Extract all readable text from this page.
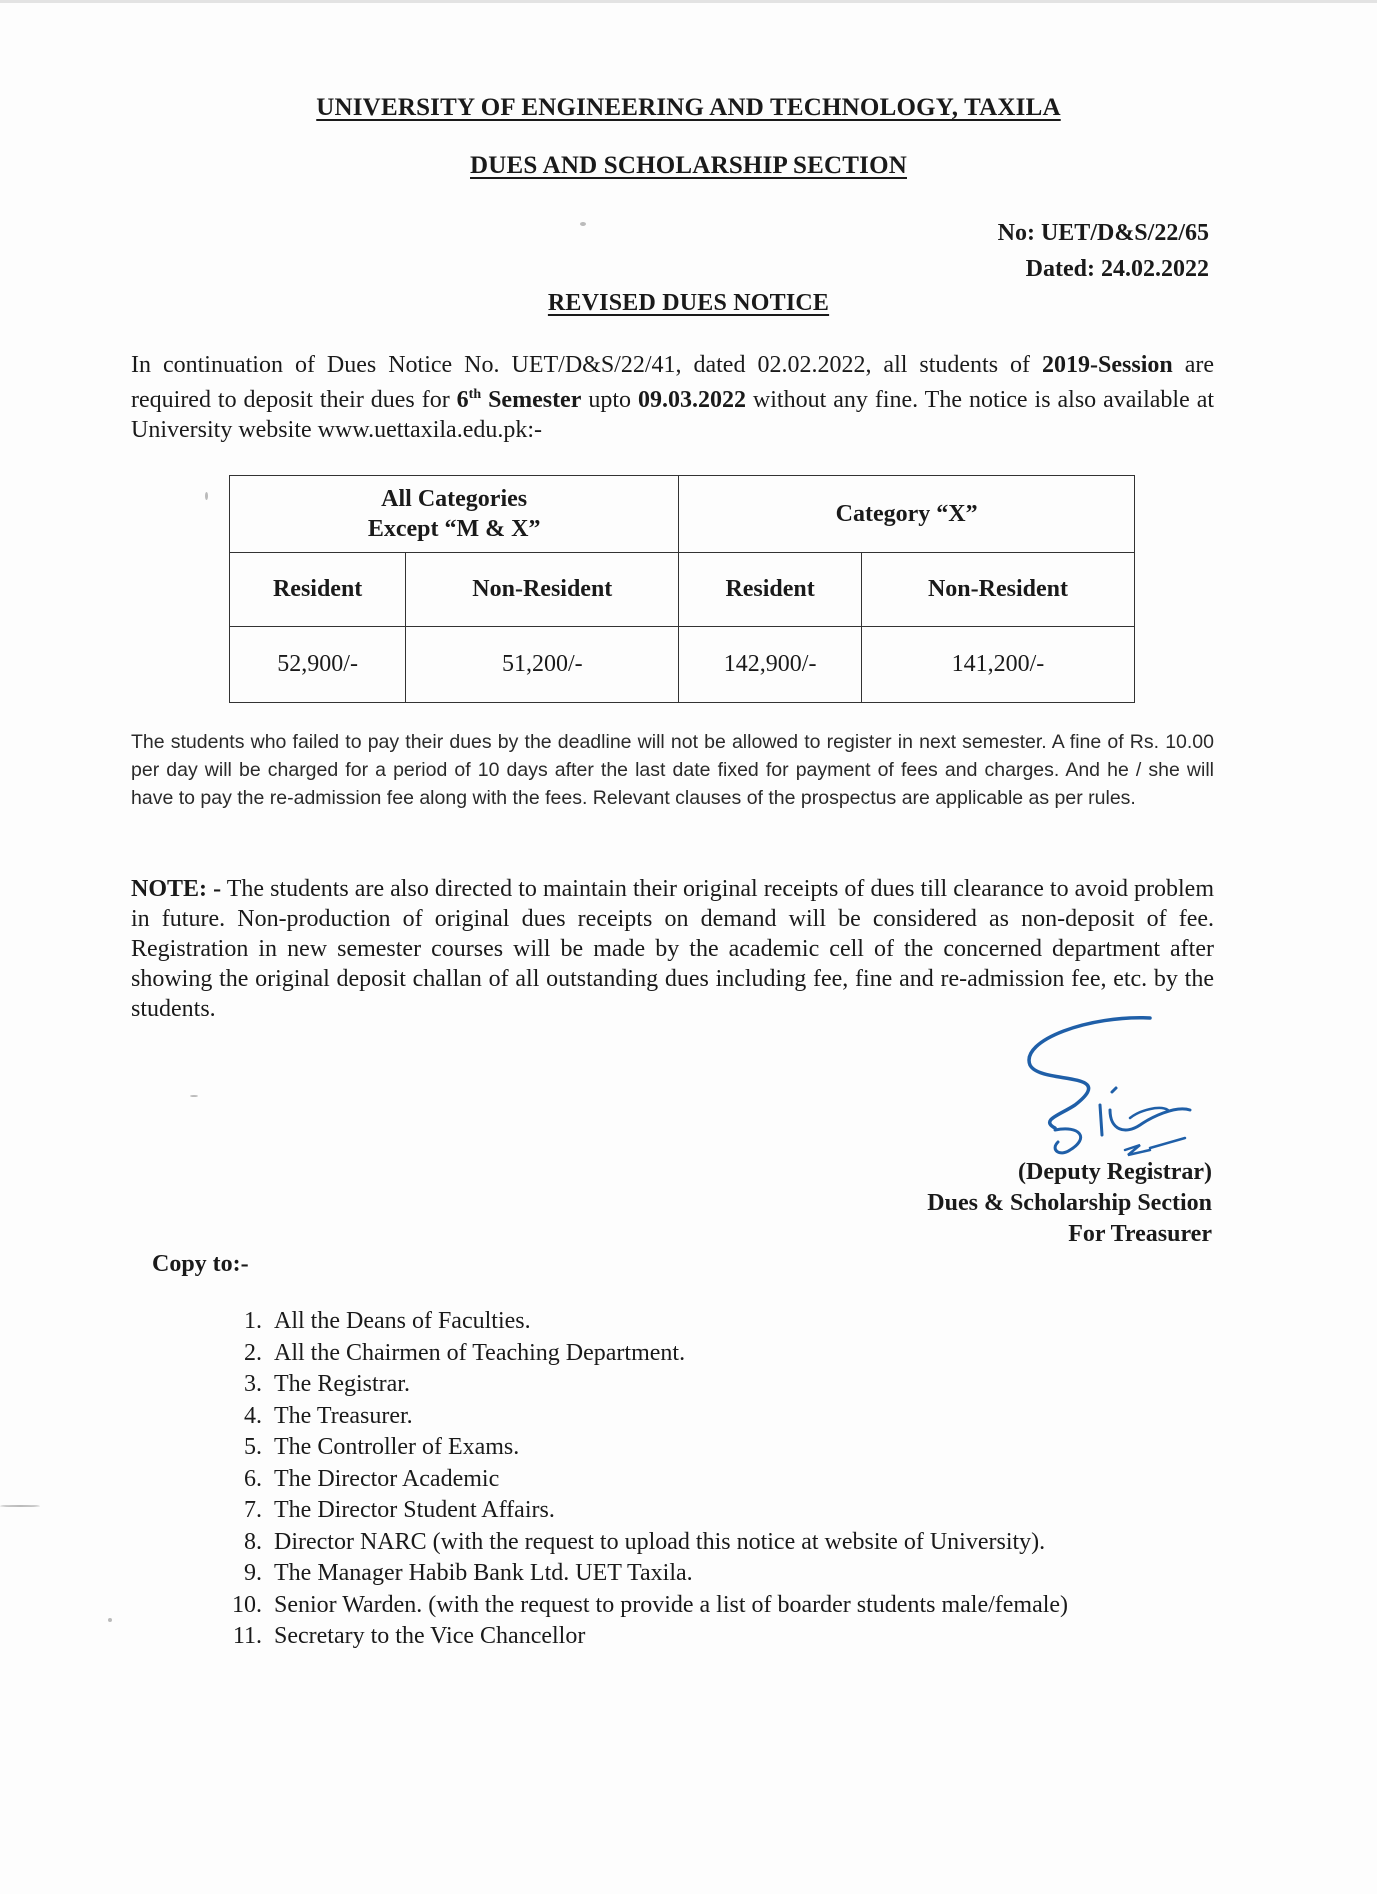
UNIVERSITY OF ENGINEERING AND TECHNOLOGY, TAXILA
DUES AND SCHOLARSHIP SECTION
No: UET/D&S/22/65
Dated: 24.02.2022
REVISED DUES NOTICE
In continuation of Dues Notice No. UET/D&S/22/41, dated 02.02.2022, all students of 2019-Session are required to deposit their dues for 6th Semester upto 09.03.2022 without any fine. The notice is also available at University website www.uettaxila.edu.pk:-
All Categories
Except “M & X”		Category “X”	
Resident	Non-Resident	Resident	Non-Resident
52,900/-	51,200/-	142,900/-	141,200/-
The students who failed to pay their dues by the deadline will not be allowed to register in next semester. A fine of Rs. 10.00 per day will be charged for a period of 10 days after the last date fixed for payment of fees and charges. And he / she will have to pay the re-admission fee along with the fees. Relevant clauses of the prospectus are applicable as per rules.
NOTE: - The students are also directed to maintain their original receipts of dues till clearance to avoid problem in future. Non-production of original dues receipts on demand will be considered as non-deposit of fee. Registration in new semester courses will be made by the academic cell of the concerned department after showing the original deposit challan of all outstanding dues including fee, fine and re-admission fee, etc. by the students.
(Deputy Registrar)
Dues & Scholarship Section
For Treasurer
Copy to:-
1. All the Deans of Faculties.
2. All the Chairmen of Teaching Department.
3. The Registrar.
4. The Treasurer.
5. The Controller of Exams.
6. The Director Academic
7. The Director Student Affairs.
8. Director NARC (with the request to upload this notice at website of University).
9. The Manager Habib Bank Ltd. UET Taxila.
10. Senior Warden. (with the request to provide a list of boarder students male/female)
11. Secretary to the Vice Chancellor
